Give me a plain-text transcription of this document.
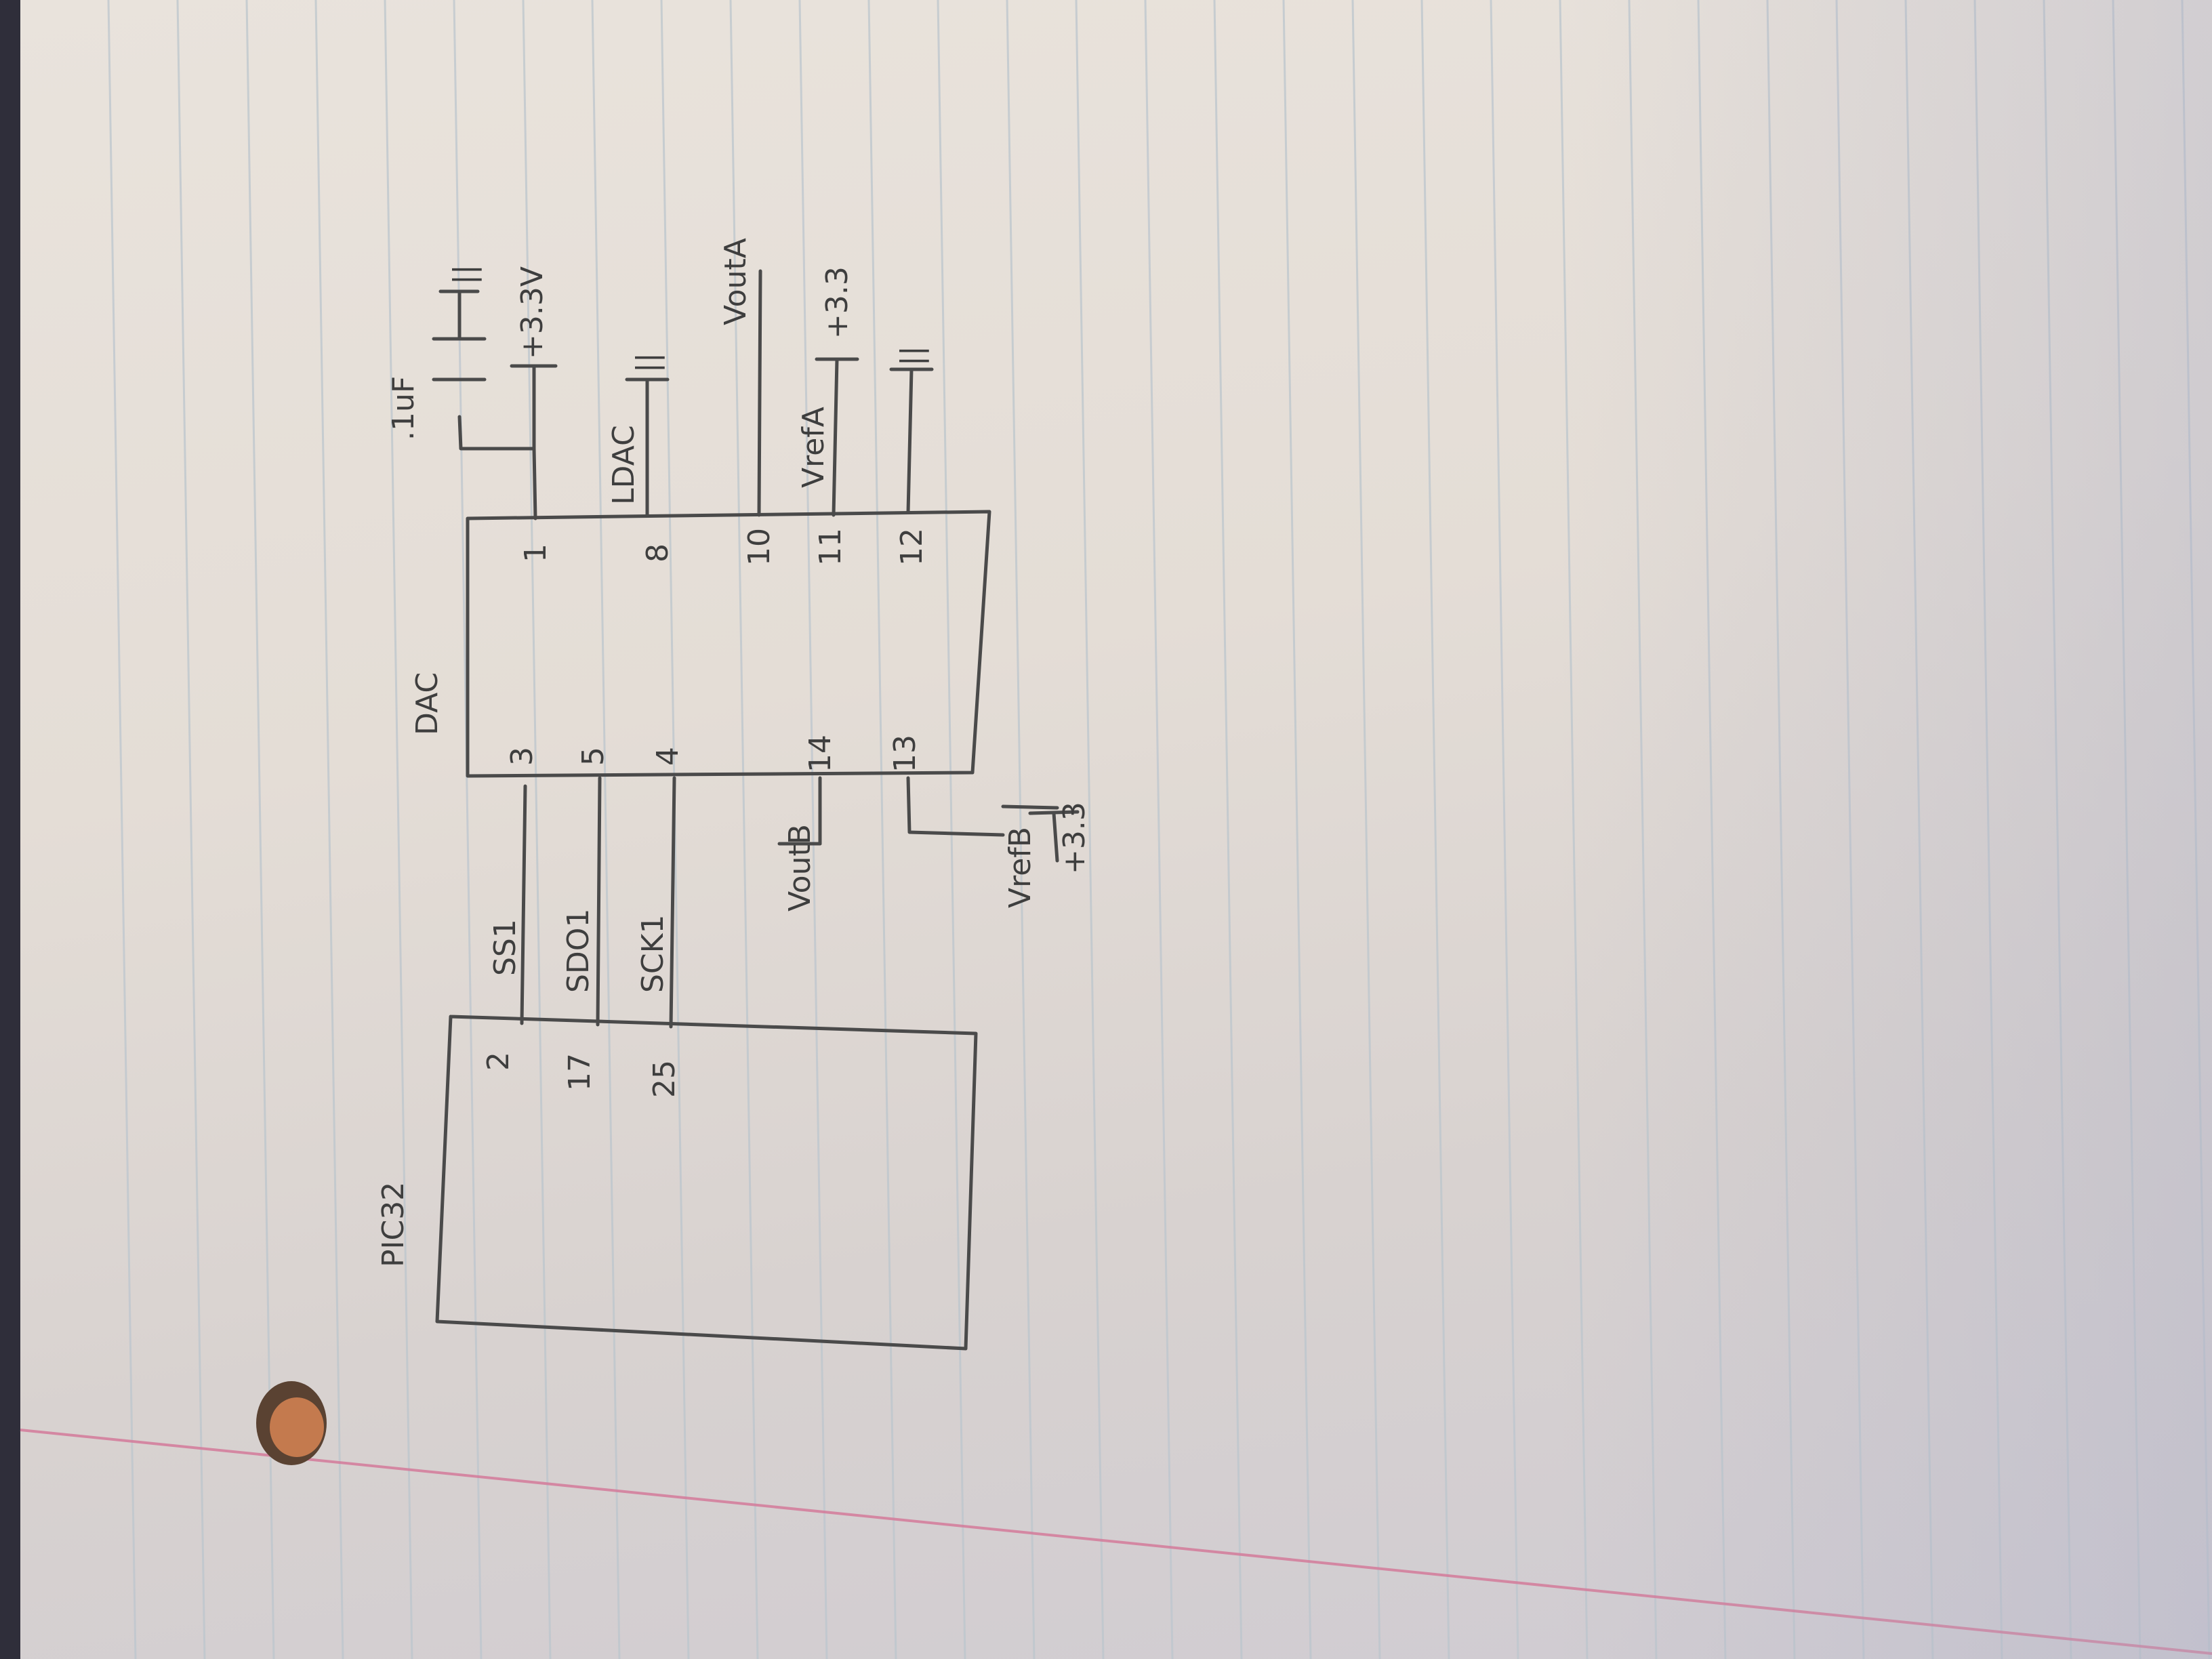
PIC32
DAC
2 17 25
SS1 SDO1 SCK1
3 5 4	14 13
1	8 10 11 12
.1uF
+3.3V
||
LDAC
||
VoutA
VrefA
+3.3
||
VoutB	VrefB +3.3
